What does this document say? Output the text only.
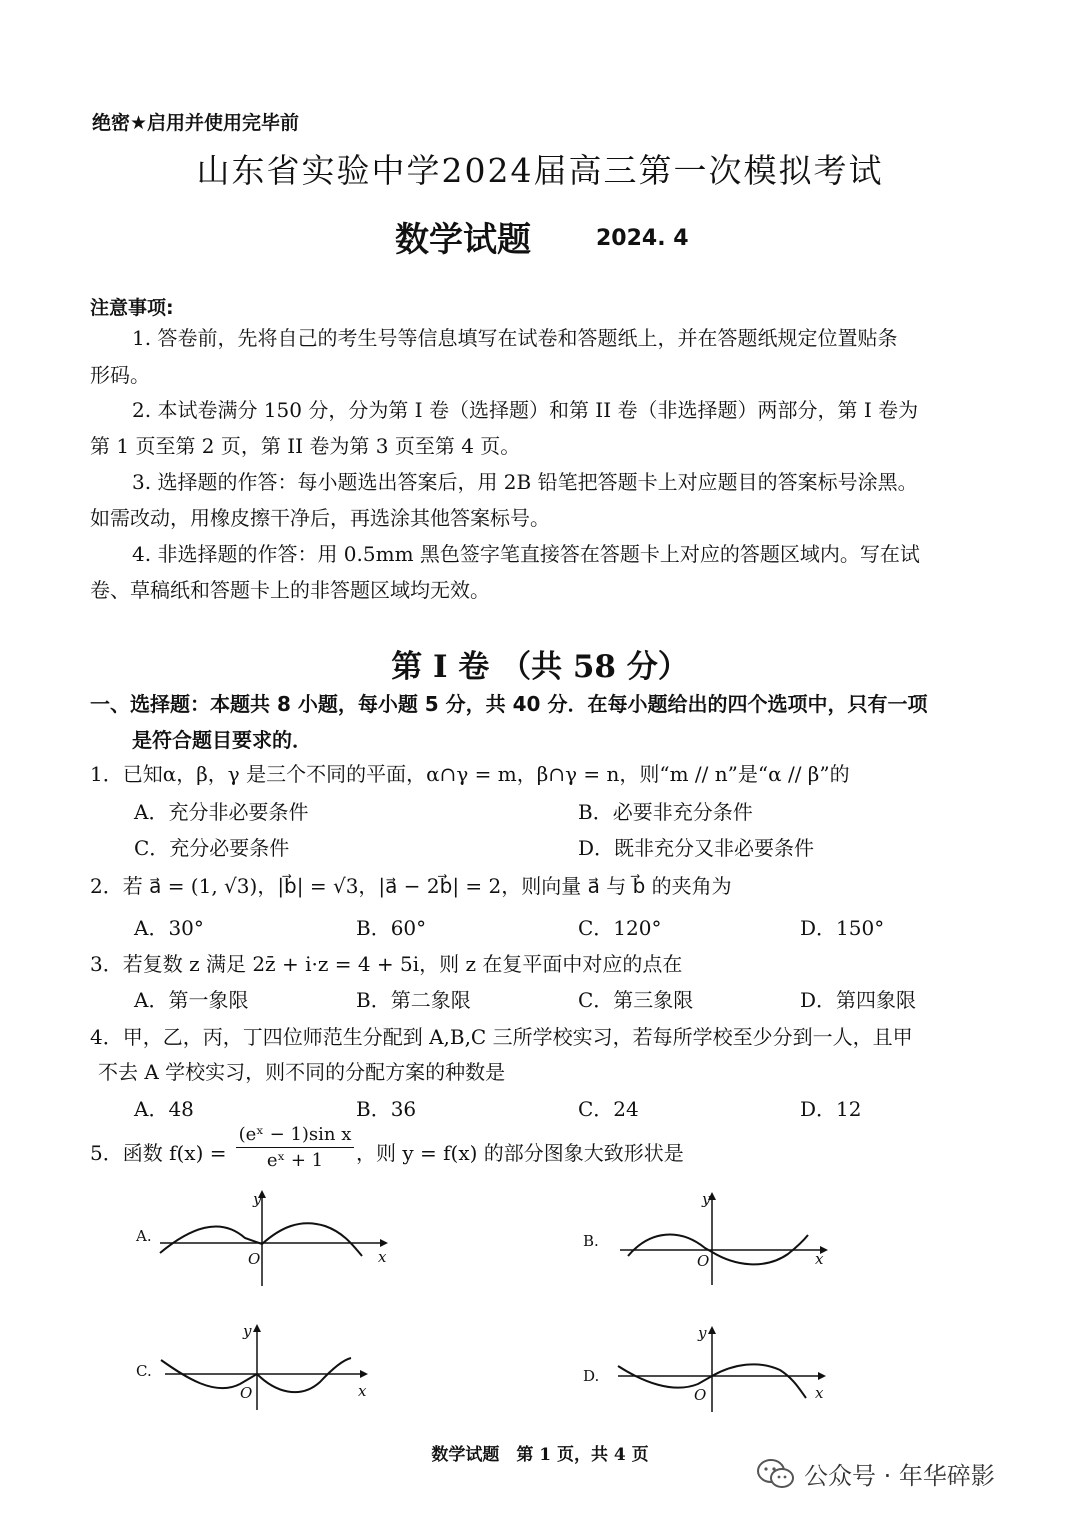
绝密★启用并使用完毕前
山东省实验中学2024届高三第一次模拟考试
数学试题	2024. 4
注意事项:
1. 答卷前，先将自己的考生号等信息填写在试卷和答题纸上，并在答题纸规定位置贴条
形码。
2. 本试卷满分 150 分，分为第 I 卷（选择题）和第 II 卷（非选择题）两部分，第 I 卷为
第 1 页至第 2 页，第 II 卷为第 3 页至第 4 页。
3. 选择题的作答：每小题选出答案后，用 2B 铅笔把答题卡上对应题目的答案标号涂黑。
如需改动，用橡皮擦干净后，再选涂其他答案标号。
4. 非选择题的作答：用 0.5mm 黑色签字笔直接答在答题卡上对应的答题区域内。写在试
卷、草稿纸和答题卡上的非答题区域均无效。
第 I 卷 （共 58 分）
一、选择题：本题共 8 小题，每小题 5 分，共 40 分．在每小题给出的四个选项中，只有一项
是符合题目要求的．
1．已知α，β，γ 是三个不同的平面，α∩γ = m，β∩γ = n，则“m // n”是“α // β”的
A．充分非必要条件	B．必要非充分条件
C．充分必要条件	D．既非充分又非必要条件
2．若 a⃗ = (1, √3)，|b⃗| = √3，|a⃗ − 2b⃗| = 2，则向量 a⃗ 与 b⃗ 的夹角为
A．30°	B．60°	C．120°	D．150°
3．若复数 z 满足 2z̄ + i·z = 4 + 5i，则 z 在复平面中对应的点在
A．第一象限	B．第二象限	C．第三象限	D．第四象限
4．甲，乙，丙，丁四位师范生分配到 A,B,C 三所学校实习，若每所学校至少分到一人，且甲
不去 A 学校实习，则不同的分配方案的种数是
A．48	B．36	C．24	D．12
5．函数 $f(x) = \frac{\text{(eˣ − 1)sin x}}{\text{eˣ + 1}}$ ，则 y = f(x) 的部分图象大致形状是
A.
y
x
O
B.
y
x
O
C.
y
x
O
D.
y
x
O
数学试题　第 1 页，共 4 页
公众号 · 年华碎影
